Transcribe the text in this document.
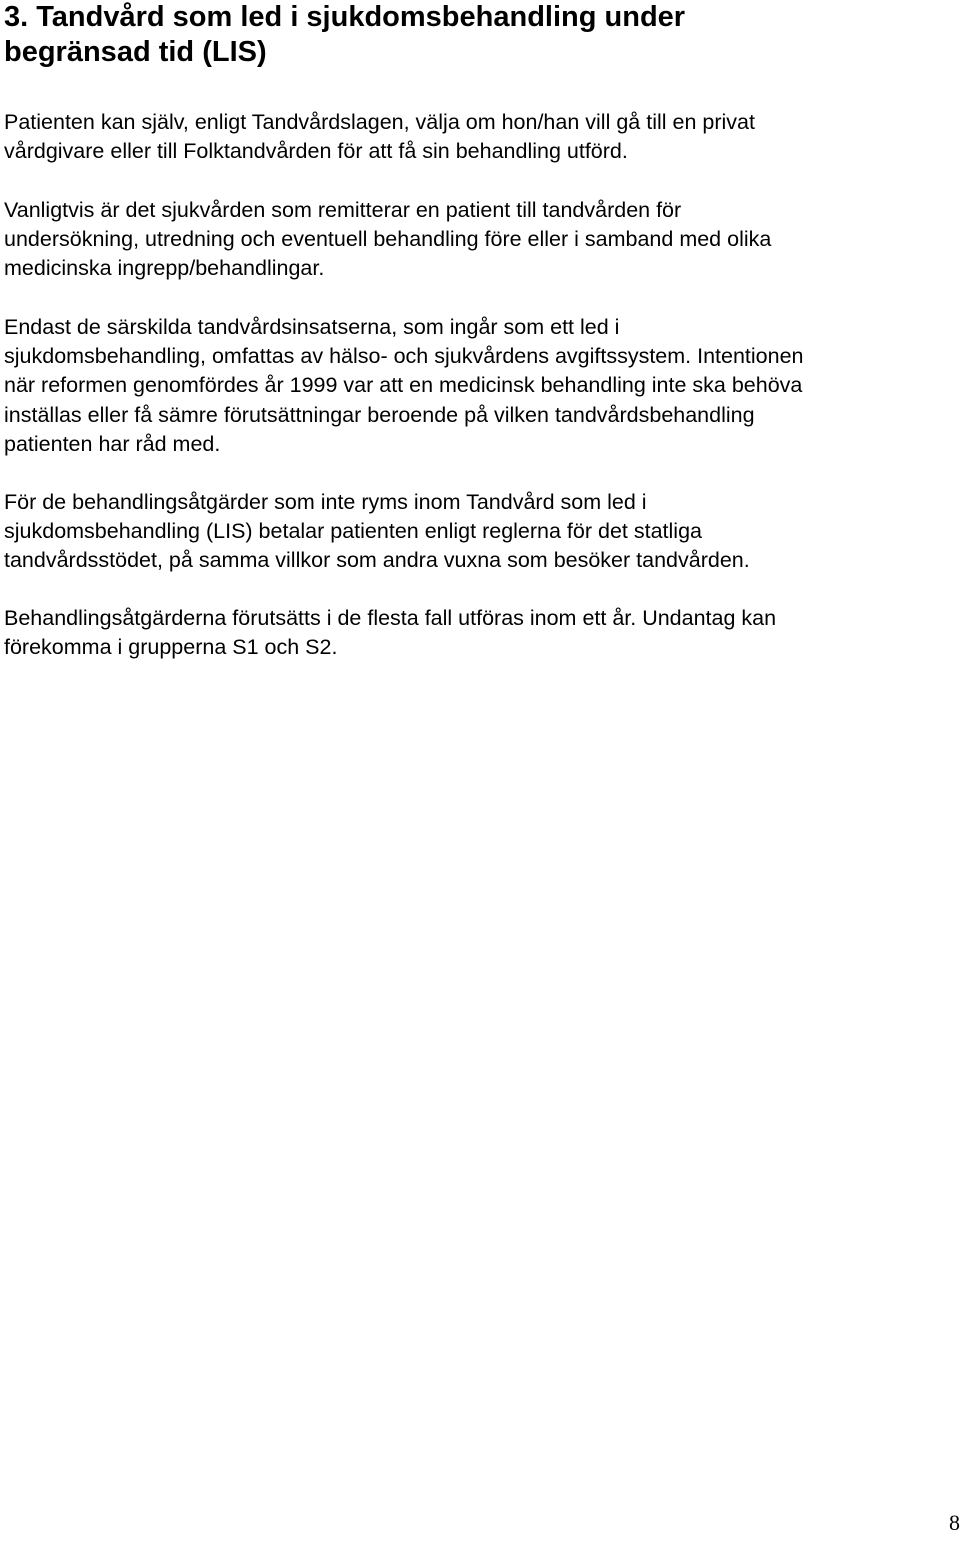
3. Tandvård som led i sjukdomsbehandling under
begränsad tid (LIS)

Patienten kan själv, enligt Tandvårdslagen, välja om hon/han vill gå till en privat
vårdgivare eller till Folktandvården för att få sin behandling utförd.

Vanligtvis är det sjukvården som remitterar en patient till tandvården för
undersökning, utredning och eventuell behandling före eller i samband med olika
medicinska ingrepp/behandlingar.

Endast de särskilda tandvårdsinsatserna, som ingår som ett led i
sjukdomsbehandling, omfattas av hälso- och sjukvårdens avgiftssystem. Intentionen
när reformen genomfördes år 1999 var att en medicinsk behandling inte ska behöva
inställas eller få sämre förutsättningar beroende på vilken tandvårdsbehandling
patienten har råd med.

För de behandlingsåtgärder som inte ryms inom Tandvård som led i
sjukdomsbehandling (LIS) betalar patienten enligt reglerna för det statliga
tandvårdsstödet, på samma villkor som andra vuxna som besöker tandvården.

Behandlingsåtgärderna förutsätts i de flesta fall utföras inom ett år. Undantag kan
förekomma i grupperna S1 och S2.

8
